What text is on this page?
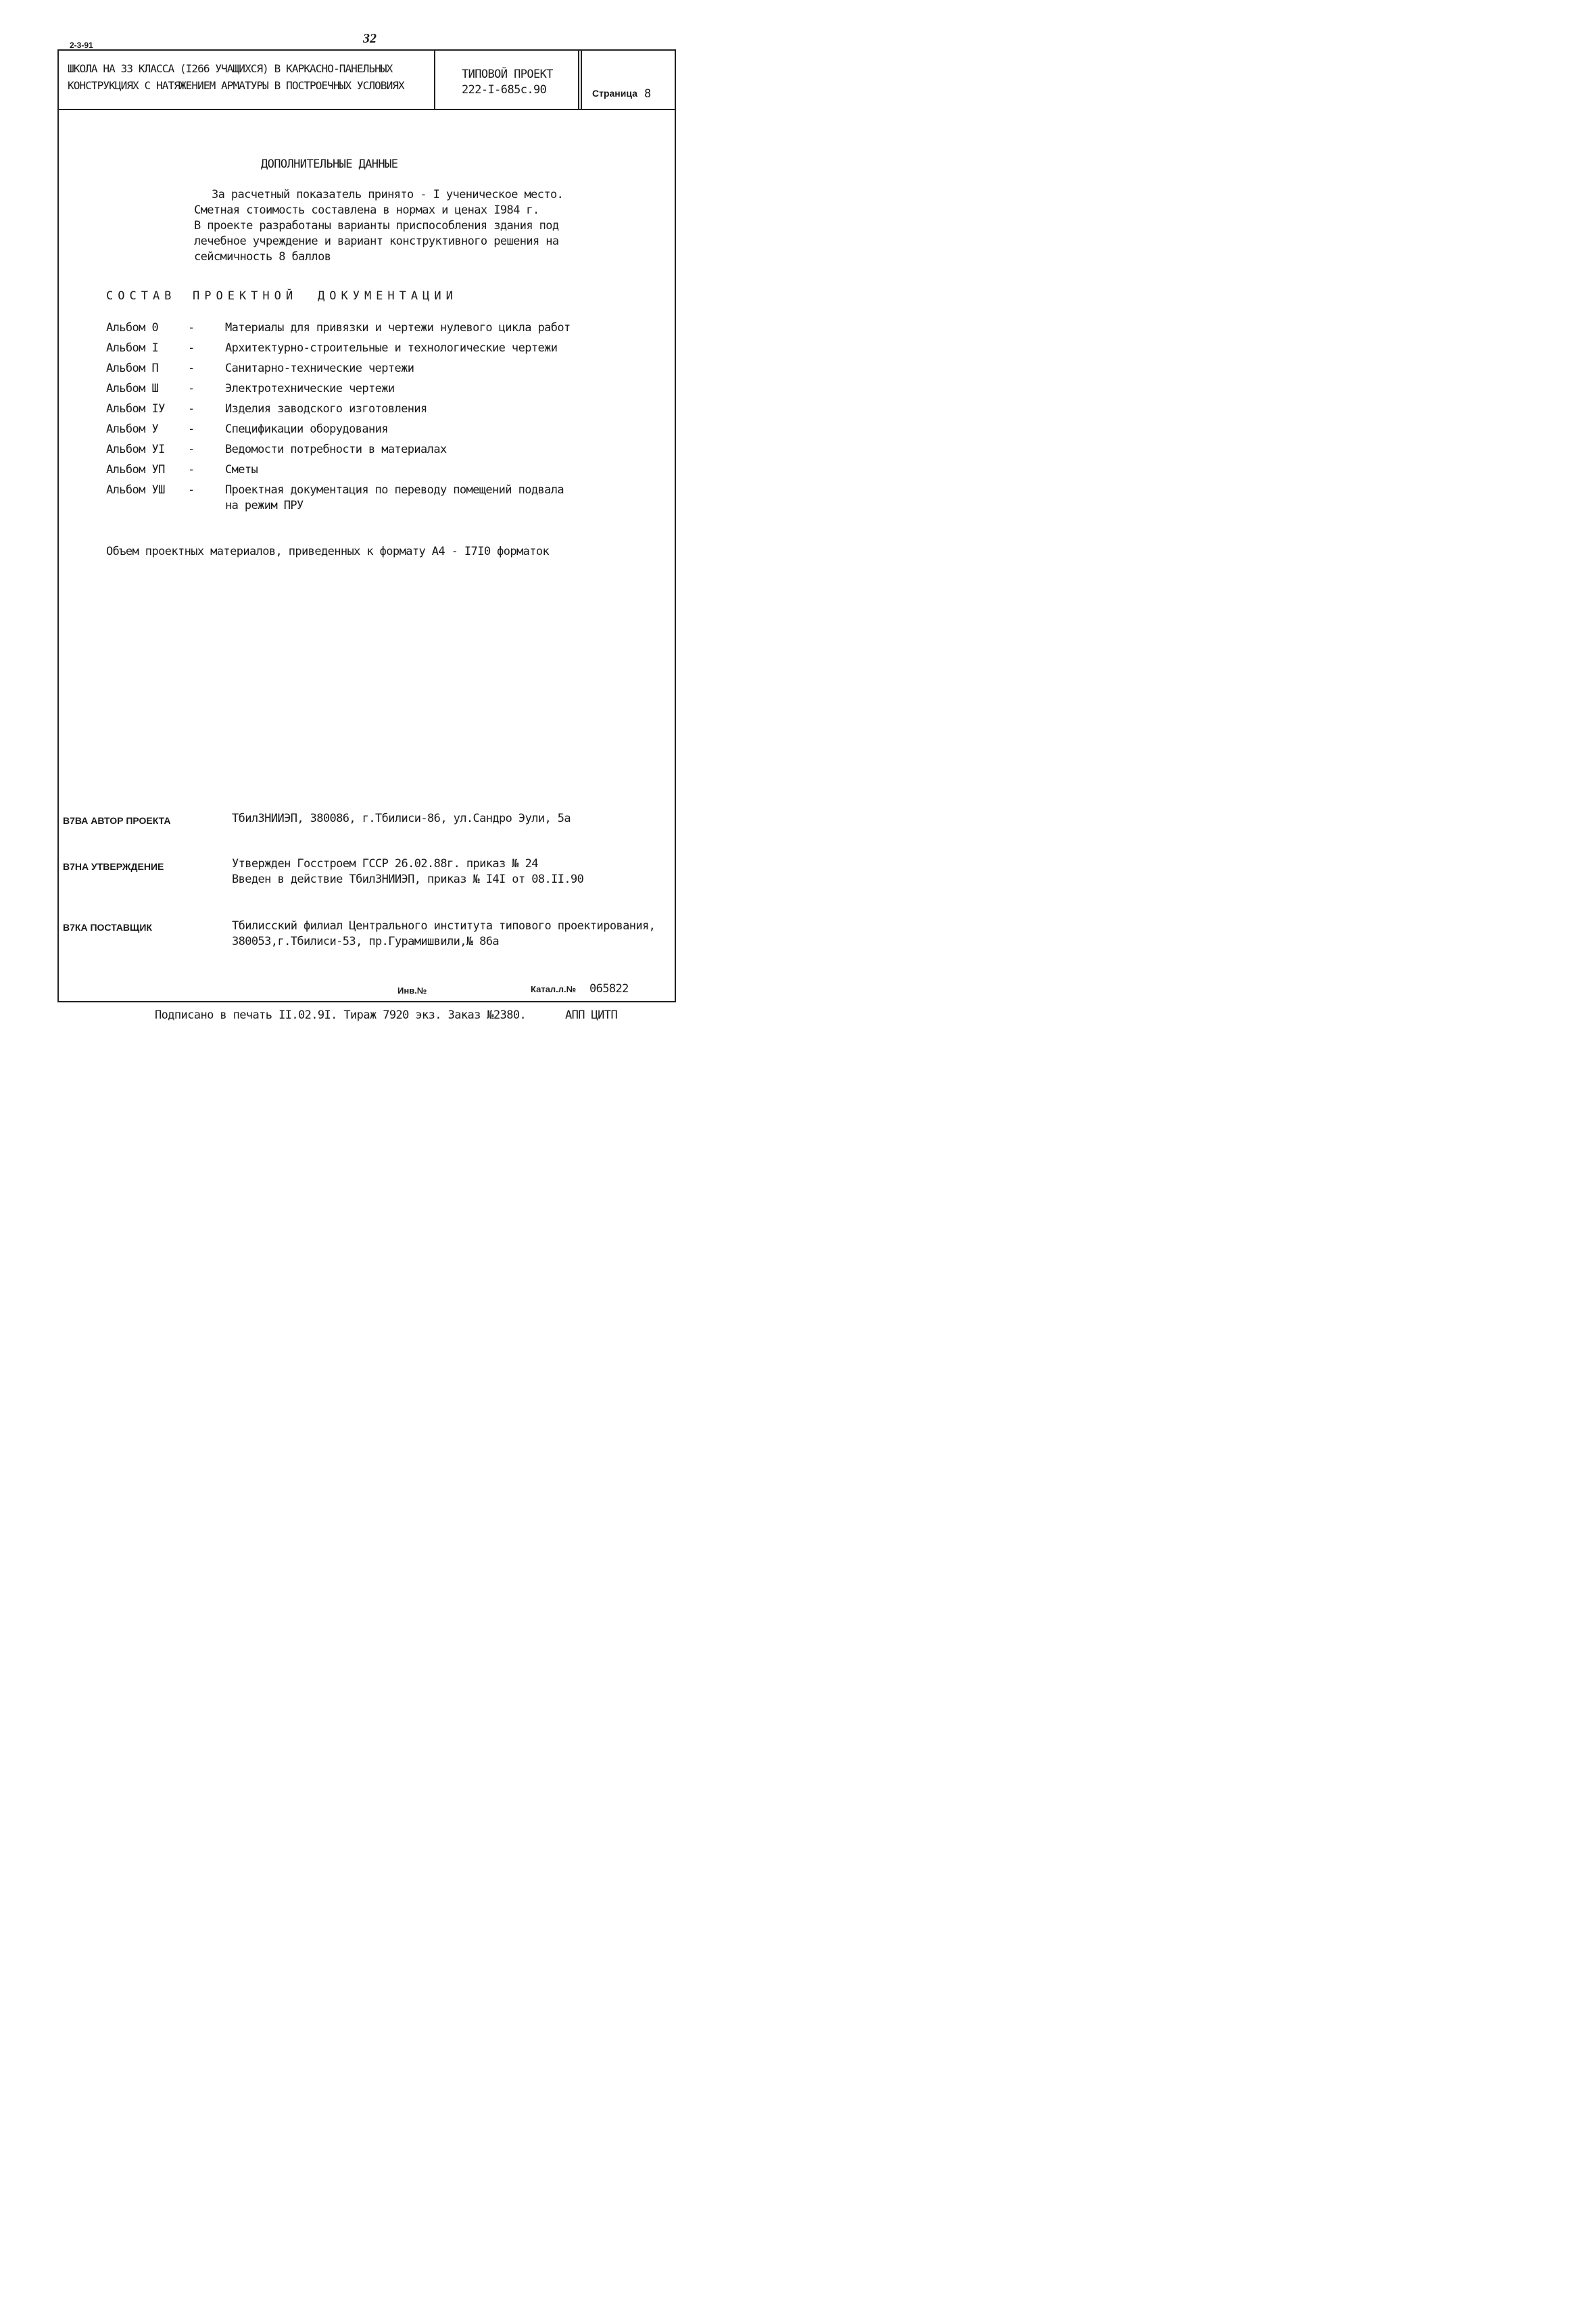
2-3-91	32
ШКОЛА НА 33 КЛАССА (I266 УЧАЩИХСЯ) В КАРКАСНО-ПАНЕЛЬНЫХ
КОНСТРУКЦИЯХ С НАТЯЖЕНИЕМ АРМАТУРЫ В ПОСТРОЕЧНЫХ УСЛОВИЯХ
ТИПОВОЙ ПРОЕКТ
222-I-685с.90	Страница 8
ДОПОЛНИТЕЛЬНЫЕ ДАННЫЕ
За расчетный показатель принято - I ученическое место.
Сметная стоимость составлена в нормах и ценах I984 г.
В проекте разработаны варианты приспособления здания под
лечебное учреждение и вариант конструктивного решения на
сейсмичность 8 баллов
СОСТАВ ПРОЕКТНОЙ ДОКУМЕНТАЦИИ
Альбом 0	-	Материалы для привязки и чертежи нулевого цикла работ
Альбом I	-	Архитектурно-строительные и технологические чертежи
Альбом П	-	Санитарно-технические чертежи
Альбом Ш	-	Электротехнические чертежи
Альбом IУ -	Изделия заводского изготовления
Альбом У	-	Спецификации оборудования
Альбом УI -	Ведомости потребности в материалах
Альбом УП -	Сметы
Альбом УШ -	Проектная документация по переводу помещений подвала
на режим ПРУ
Объем проектных материалов, приведенных к формату А4 - I7I0 форматок
В7ВА АВТОР ПРОЕКТА	ТбилЗНИИЭП, 380086, г.Тбилиси-86, ул.Сандро Эули, 5а
В7НА УТВЕРЖДЕНИЕ	Утвержден Госстроем ГССР 26.02.88г. приказ № 24
Введен в действие ТбилЗНИИЭП, приказ № I4I от 08.II.90
В7КА ПОСТАВЩИК	Тбилисский филиал Центрального института типового проектирования,
380053,г.Тбилиси-53, пр.Гурамишвили,№ 86а
Инв.№	Катал.л.№ 065822
Подписано в печать II.02.9I. Тираж 7920 экз. Заказ №2380.	АПП ЦИТП
